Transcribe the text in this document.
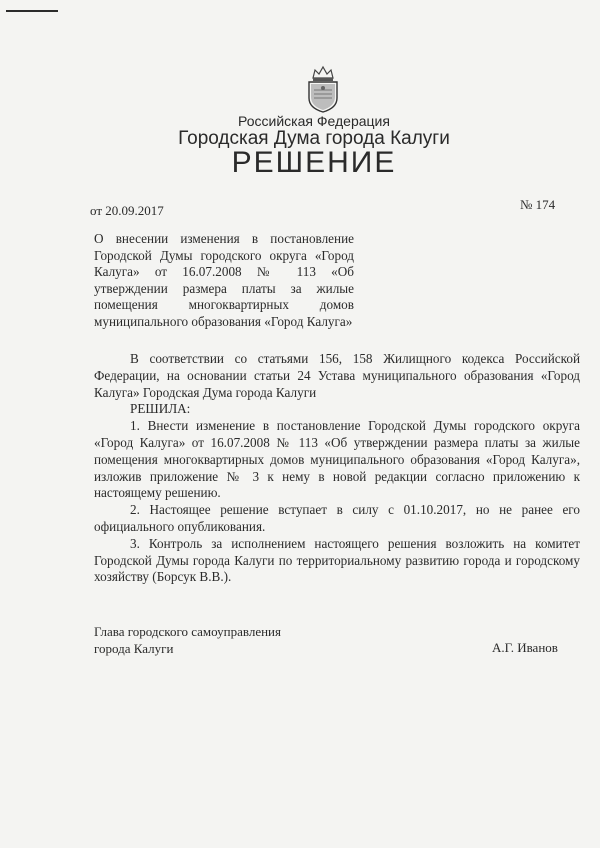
Российская Федерация
Городская Дума города Калуги
РЕШЕНИЕ
от 20.09.2017	№ 174
О внесении изменения в постановление Городской Думы городского округа «Город Калуга» от 16.07.2008 № 113 «Об утверждении размера платы за жилые помещения многоквартирных домов муниципального образования «Город Калуга»

В соответствии со статьями 156, 158 Жилищного кодекса Российской Федерации, на основании статьи 24 Устава муниципального образования «Город Калуга» Городская Дума города Калуги

РЕШИЛА:

1. Внести изменение в постановление Городской Думы городского округа «Город Калуга» от 16.07.2008 № 113 «Об утверждении размера платы за жилые помещения многоквартирных домов муниципального образования «Город Калуга», изложив приложение № 3 к нему в новой редакции согласно приложению к настоящему решению.

2. Настоящее решение вступает в силу с 01.10.2017, но не ранее его официального опубликования.

3. Контроль за исполнением настоящего решения возложить на комитет Городской Думы города Калуги по территориальному развитию города и городскому хозяйству (Борсук В.В.).

Глава городского самоуправления
города Калуги	А.Г. Иванов
